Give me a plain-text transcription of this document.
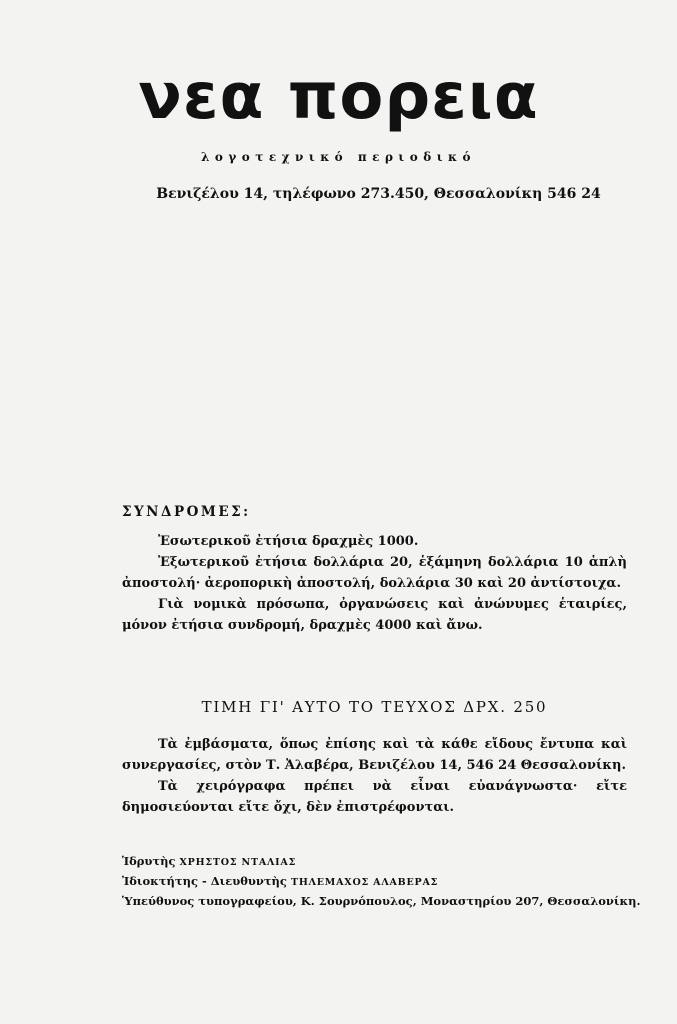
νεα πορεια
λογοτεχνικό περιοδικό
Βενιζέλου 14, τηλέφωνο 273.450, Θεσσαλονίκη 546 24
ΣΥΝΔΡΟΜΕΣ:

Ἐσωτερικοῦ ἐτήσια δραχμὲς 1000.

Ἐξωτερικοῦ ἐτήσια δολλάρια 20, ἑξάμηνη δολλάρια 10 ἁπλὴ ἀποστολή· ἀεροπορικὴ ἀποστολή, δολλάρια 30 καὶ 20 ἀντίστοιχα.

Γιὰ νομικὰ πρόσωπα, ὀργανώσεις καὶ ἀνώνυμες ἑταιρίες, μόνον ἐτήσια συνδρομή, δραχμὲς 4000 καὶ ἄνω.

ΤΙΜΗ ΓΙ' ΑΥΤΟ ΤΟ ΤΕΥΧΟΣ ΔΡΧ. 250

Τὰ ἐμβάσματα, ὅπως ἐπίσης καὶ τὰ κάθε εἴδους ἔντυπα καὶ συνεργασίες, στὸν Τ. Ἀλαβέρα, Βενιζέλου 14, 546 24 Θεσσαλονίκη.

Τὰ χειρόγραφα πρέπει νὰ εἶναι εὐανάγνωστα· εἴτε δημοσιεύονται εἴτε ὄχι, δὲν ἐπιστρέφονται.

Ἱδρυτὴς ΧΡΗΣΤΟΣ ΝΤΑΛΙΑΣ
Ἰδιοκτήτης - Διευθυντὴς ΤΗΛΕΜΑΧΟΣ ΑΛΑΒΕΡΑΣ
Ὑπεύθυνος τυπογραφείου, Κ. Σουρνόπουλος, Μοναστηρίου 207, Θεσσαλονίκη.
